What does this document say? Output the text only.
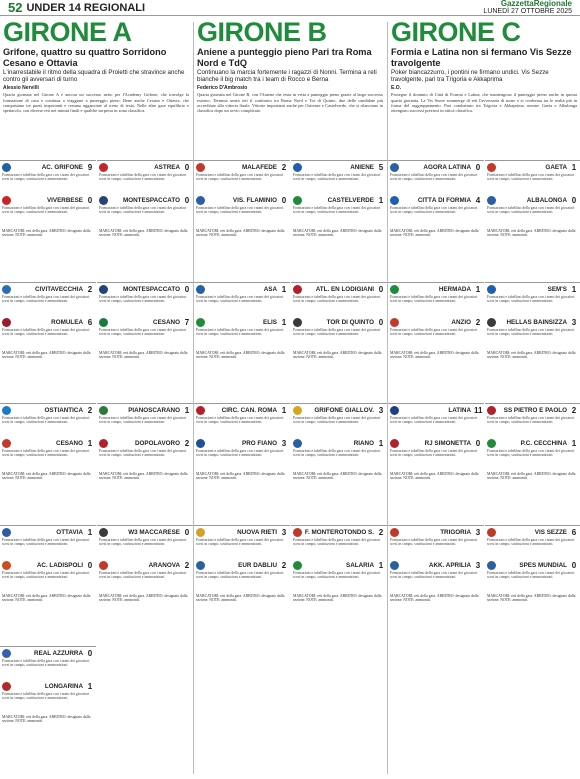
52 UNDER 14 REGIONALI	GazzettaRegionale
LUNEDÌ 27 OTTOBRE 2025
GIRONE A
Grifone, quattro su quattro Sorridono Cesano e Ottavia
L'inarrestabile il ritmo della squadra di Proietti che stravince anche contro gli avversari di turno
Alessio Nervilli
Quarta giornata nel Girone A e ancora un successo netto per l'Academy Grifone, che travolge la formazione di casa e continua a viaggiare a punteggio pieno. Bene anche Cesano e Ottavia, che conquistano tre punti importanti e restano agganciate al treno di testa. Nelle altre gare equilibrio e spettacolo, con diverse reti nei minuti finali e qualche sorpresa in zona classifica.
GIRONE B
Aniene a punteggio pieno Pari tra Roma Nord e TdQ
Continuano la marcia fortemente i ragazzi di Nonni. Termina a reti bianche il big match tra i team di Rocco e Berna
Federico D'Ambrosio
Quarta giornata nel Girone B, con l'Aniene che resta in vetta a punteggio pieno grazie al largo successo esterno. Termina senza reti il confronto tra Roma Nord e Tor di Quinto, due delle candidate più accreditate alla vittoria finale. Vittorie importanti anche per Ostiense e Castelverde, che si rilanciano in classifica dopo un avvio complicato.
GIRONE C
Formia e Latina non si fermano Vis Sezze travolgente
Poker biancazzurro, i pontini ne firmano undici. Vis Sezze travolgente, pari tra Trigoria e Akkaprima
E.O.
Prosegue il dominio di Città di Formia e Latina, che mantengono il punteggio pieno anche in questa quarta giornata. La Vis Sezze sommerge di reti l'avversaria di turno e si conferma tra le realtà più in forma del raggruppamento. Pari combattuto tra Trigoria e Akkaprima, mentre Gaeta e Albalonga ottengono successi preziosi in ottica classifica.
AC. GRIFONE 9
Formazioni e tabellino della gara con i nomi dei giocatori scesi in campo, sostituzioni e ammonizioni.
VIVERBESE 0
Formazioni e tabellino della gara con i nomi dei giocatori scesi in campo, sostituzioni e ammonizioni.
MARCATORI: reti della gara. ARBITRO: designato dalla sezione. NOTE: ammoniti.
CIVITAVECCHIA 2
Formazioni e tabellino della gara con i nomi dei giocatori scesi in campo, sostituzioni e ammonizioni.
ROMULEA 6
Formazioni e tabellino della gara con i nomi dei giocatori scesi in campo, sostituzioni e ammonizioni.
MARCATORI: reti della gara. ARBITRO: designato dalla sezione. NOTE: ammoniti.
OSTIANTICA 2
Formazioni e tabellino della gara con i nomi dei giocatori scesi in campo, sostituzioni e ammonizioni.
CESANO 1
Formazioni e tabellino della gara con i nomi dei giocatori scesi in campo, sostituzioni e ammonizioni.
MARCATORI: reti della gara. ARBITRO: designato dalla sezione. NOTE: ammoniti.
OTTAVIA 1
Formazioni e tabellino della gara con i nomi dei giocatori scesi in campo, sostituzioni e ammonizioni.
AC. LADISPOLI 0
Formazioni e tabellino della gara con i nomi dei giocatori scesi in campo, sostituzioni e ammonizioni.
MARCATORI: reti della gara. ARBITRO: designato dalla sezione. NOTE: ammoniti.
REAL AZZURRA 0
Formazioni e tabellino della gara con i nomi dei giocatori scesi in campo, sostituzioni e ammonizioni.
LONGARINA 1
Formazioni e tabellino della gara con i nomi dei giocatori scesi in campo, sostituzioni e ammonizioni.
MARCATORI: reti della gara. ARBITRO: designato dalla sezione. NOTE: ammoniti.
ASTREA 0
Formazioni e tabellino della gara con i nomi dei giocatori scesi in campo, sostituzioni e ammonizioni.
MONTESPACCATO 0
Formazioni e tabellino della gara con i nomi dei giocatori scesi in campo, sostituzioni e ammonizioni.
MARCATORI: reti della gara. ARBITRO: designato dalla sezione. NOTE: ammoniti.
MONTESPACCATO 0
Formazioni e tabellino della gara con i nomi dei giocatori scesi in campo, sostituzioni e ammonizioni.
CESANO 7
Formazioni e tabellino della gara con i nomi dei giocatori scesi in campo, sostituzioni e ammonizioni.
MARCATORI: reti della gara. ARBITRO: designato dalla sezione. NOTE: ammoniti.
PIANOSCARANO 1
Formazioni e tabellino della gara con i nomi dei giocatori scesi in campo, sostituzioni e ammonizioni.
DOPOLAVORO 2
Formazioni e tabellino della gara con i nomi dei giocatori scesi in campo, sostituzioni e ammonizioni.
MARCATORI: reti della gara. ARBITRO: designato dalla sezione. NOTE: ammoniti.
W3 MACCARESE 0
Formazioni e tabellino della gara con i nomi dei giocatori scesi in campo, sostituzioni e ammonizioni.
ARANOVA 2
Formazioni e tabellino della gara con i nomi dei giocatori scesi in campo, sostituzioni e ammonizioni.
MARCATORI: reti della gara. ARBITRO: designato dalla sezione. NOTE: ammoniti.
MALAFEDE 2
Formazioni e tabellino della gara con i nomi dei giocatori scesi in campo, sostituzioni e ammonizioni.
VIS. FLAMINIO 0
Formazioni e tabellino della gara con i nomi dei giocatori scesi in campo, sostituzioni e ammonizioni.
MARCATORI: reti della gara. ARBITRO: designato dalla sezione. NOTE: ammoniti.
ASA 1
Formazioni e tabellino della gara con i nomi dei giocatori scesi in campo, sostituzioni e ammonizioni.
ELIS 1
Formazioni e tabellino della gara con i nomi dei giocatori scesi in campo, sostituzioni e ammonizioni.
MARCATORI: reti della gara. ARBITRO: designato dalla sezione. NOTE: ammoniti.
CIRC. CAN. ROMA 1
Formazioni e tabellino della gara con i nomi dei giocatori scesi in campo, sostituzioni e ammonizioni.
PRO FIANO 3
Formazioni e tabellino della gara con i nomi dei giocatori scesi in campo, sostituzioni e ammonizioni.
MARCATORI: reti della gara. ARBITRO: designato dalla sezione. NOTE: ammoniti.
NUOVA RIETI 3
Formazioni e tabellino della gara con i nomi dei giocatori scesi in campo, sostituzioni e ammonizioni.
EUR DABLIU 2
Formazioni e tabellino della gara con i nomi dei giocatori scesi in campo, sostituzioni e ammonizioni.
MARCATORI: reti della gara. ARBITRO: designato dalla sezione. NOTE: ammoniti.
ANIENE 5
Formazioni e tabellino della gara con i nomi dei giocatori scesi in campo, sostituzioni e ammonizioni.
CASTELVERDE 1
Formazioni e tabellino della gara con i nomi dei giocatori scesi in campo, sostituzioni e ammonizioni.
MARCATORI: reti della gara. ARBITRO: designato dalla sezione. NOTE: ammoniti.
ATL. EN LODIGIANI 0
Formazioni e tabellino della gara con i nomi dei giocatori scesi in campo, sostituzioni e ammonizioni.
TOR DI QUINTO 0
Formazioni e tabellino della gara con i nomi dei giocatori scesi in campo, sostituzioni e ammonizioni.
MARCATORI: reti della gara. ARBITRO: designato dalla sezione. NOTE: ammoniti.
GRIFONE GIALLOV. 3
Formazioni e tabellino della gara con i nomi dei giocatori scesi in campo, sostituzioni e ammonizioni.
RIANO 1
Formazioni e tabellino della gara con i nomi dei giocatori scesi in campo, sostituzioni e ammonizioni.
MARCATORI: reti della gara. ARBITRO: designato dalla sezione. NOTE: ammoniti.
F. MONTEROTONDO S. 2
Formazioni e tabellino della gara con i nomi dei giocatori scesi in campo, sostituzioni e ammonizioni.
SALARIA 1
Formazioni e tabellino della gara con i nomi dei giocatori scesi in campo, sostituzioni e ammonizioni.
MARCATORI: reti della gara. ARBITRO: designato dalla sezione. NOTE: ammoniti.
AGORA LATINA 0
Formazioni e tabellino della gara con i nomi dei giocatori scesi in campo, sostituzioni e ammonizioni.
CITTÀ DI FORMIA 4
Formazioni e tabellino della gara con i nomi dei giocatori scesi in campo, sostituzioni e ammonizioni.
MARCATORI: reti della gara. ARBITRO: designato dalla sezione. NOTE: ammoniti.
HERMADA 1
Formazioni e tabellino della gara con i nomi dei giocatori scesi in campo, sostituzioni e ammonizioni.
ANZIO 2
Formazioni e tabellino della gara con i nomi dei giocatori scesi in campo, sostituzioni e ammonizioni.
MARCATORI: reti della gara. ARBITRO: designato dalla sezione. NOTE: ammoniti.
LATINA 11
Formazioni e tabellino della gara con i nomi dei giocatori scesi in campo, sostituzioni e ammonizioni.
RJ SIMONETTA 0
Formazioni e tabellino della gara con i nomi dei giocatori scesi in campo, sostituzioni e ammonizioni.
MARCATORI: reti della gara. ARBITRO: designato dalla sezione. NOTE: ammoniti.
TRIGORIA 3
Formazioni e tabellino della gara con i nomi dei giocatori scesi in campo, sostituzioni e ammonizioni.
AKK. APRILIA 3
Formazioni e tabellino della gara con i nomi dei giocatori scesi in campo, sostituzioni e ammonizioni.
MARCATORI: reti della gara. ARBITRO: designato dalla sezione. NOTE: ammoniti.
GAETA 1
Formazioni e tabellino della gara con i nomi dei giocatori scesi in campo, sostituzioni e ammonizioni.
ALBALONGA 0
Formazioni e tabellino della gara con i nomi dei giocatori scesi in campo, sostituzioni e ammonizioni.
MARCATORI: reti della gara. ARBITRO: designato dalla sezione. NOTE: ammoniti.
SEM'S 1
Formazioni e tabellino della gara con i nomi dei giocatori scesi in campo, sostituzioni e ammonizioni.
HELLAS BAINSIZZA 3
Formazioni e tabellino della gara con i nomi dei giocatori scesi in campo, sostituzioni e ammonizioni.
MARCATORI: reti della gara. ARBITRO: designato dalla sezione. NOTE: ammoniti.
SS PIETRO E PAOLO 2
Formazioni e tabellino della gara con i nomi dei giocatori scesi in campo, sostituzioni e ammonizioni.
P.C. CECCHINA 1
Formazioni e tabellino della gara con i nomi dei giocatori scesi in campo, sostituzioni e ammonizioni.
MARCATORI: reti della gara. ARBITRO: designato dalla sezione. NOTE: ammoniti.
VIS SEZZE 6
Formazioni e tabellino della gara con i nomi dei giocatori scesi in campo, sostituzioni e ammonizioni.
SPES MUNDIAL 0
Formazioni e tabellino della gara con i nomi dei giocatori scesi in campo, sostituzioni e ammonizioni.
MARCATORI: reti della gara. ARBITRO: designato dalla sezione. NOTE: ammoniti.
